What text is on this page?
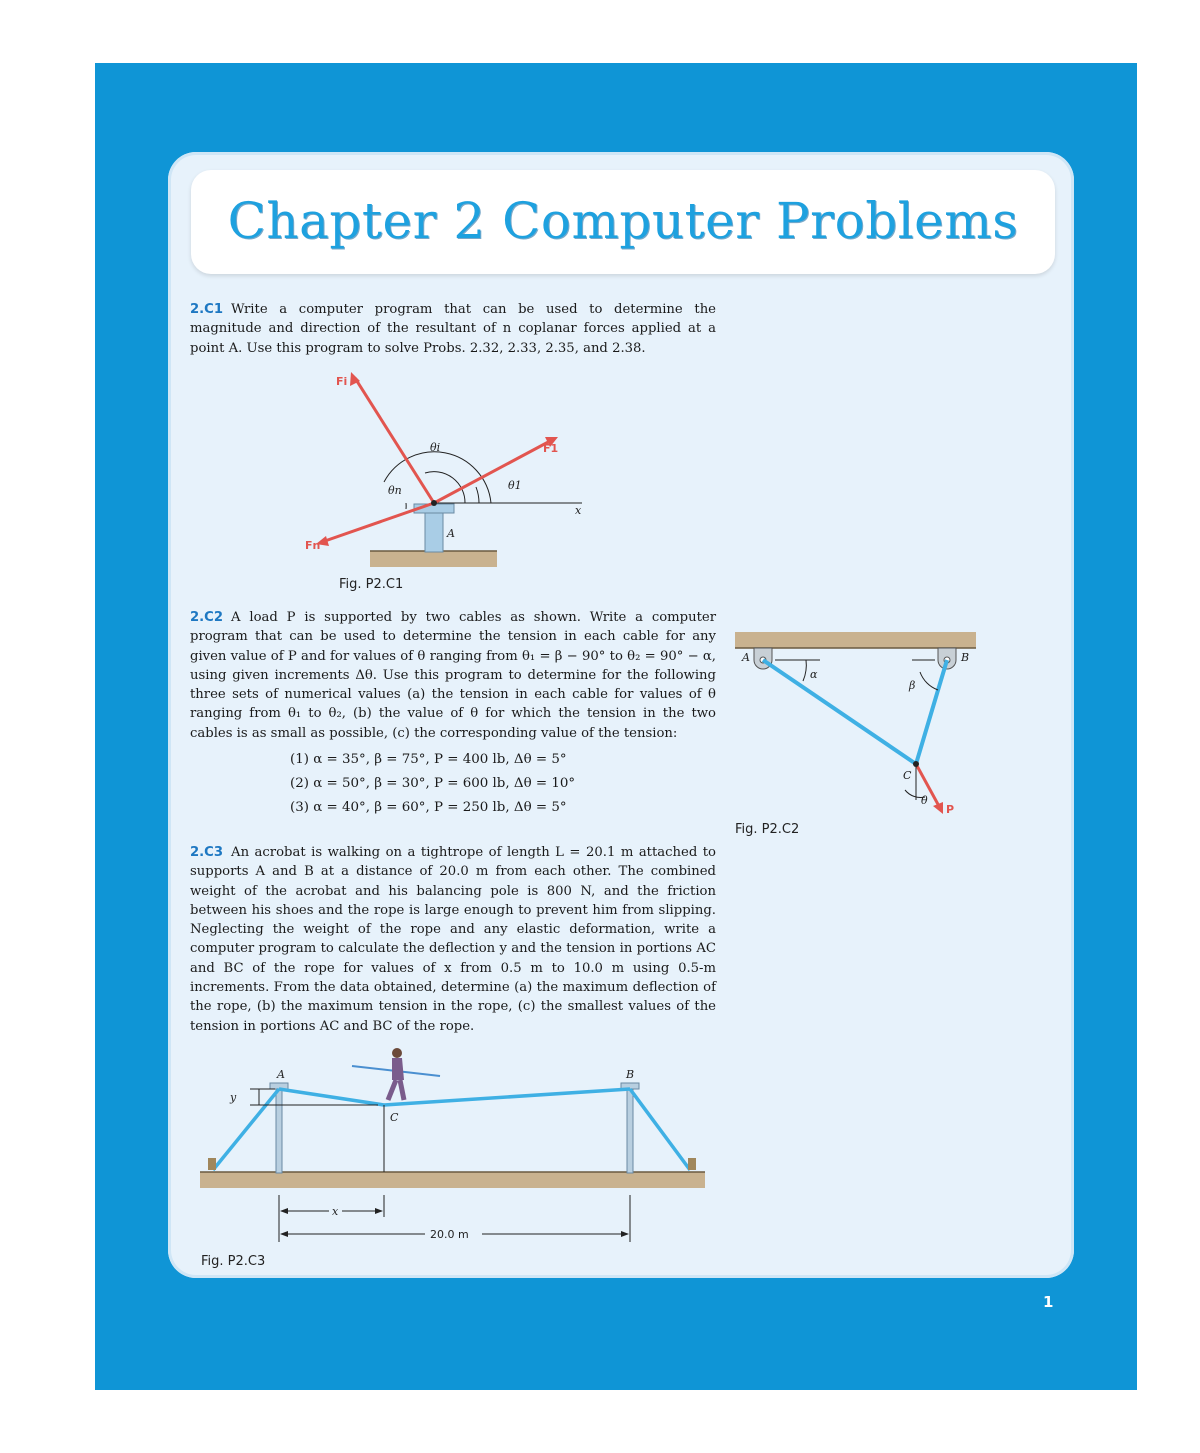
Chapter 2 Computer Problems
2.C1 Write a computer program that can be used to determine the magnitude and direction of the resultant of n coplanar forces applied at a point A. Use this program to solve Probs. 2.32, 2.33, 2.35, and 2.38.
Fi
F1
Fn
θi
θ1
θn
A
x
Fig. P2.C1
2.C2 A load P is supported by two cables as shown. Write a computer program that can be used to determine the tension in each cable for any given value of P and for values of θ ranging from θ₁ = β − 90° to θ₂ = 90° − α, using given increments Δθ. Use this program to determine for the following three sets of numerical values (a) the tension in each cable for values of θ ranging from θ₁ to θ₂, (b) the value of θ for which the tension in the two cables is as small as possible, (c) the corresponding value of the tension:
(1) α = 35°, β = 75°, P = 400 lb, Δθ = 5°
(2) α = 50°, β = 30°, P = 600 lb, Δθ = 10°
(3) α = 40°, β = 60°, P = 250 lb, Δθ = 5°
A	B
α
β
C
θ
P
Fig. P2.C2
2.C3 An acrobat is walking on a tightrope of length L = 20.1 m attached to supports A and B at a distance of 20.0 m from each other. The combined weight of the acrobat and his balancing pole is 800 N, and the friction between his shoes and the rope is large enough to prevent him from slipping. Neglecting the weight of the rope and any elastic deformation, write a computer program to calculate the deflection y and the tension in portions AC and BC of the rope for values of x from 0.5 m to 10.0 m using 0.5-m increments. From the data obtained, determine (a) the maximum deflection of the rope, (b) the maximum tension in the rope, (c) the smallest values of the tension in portions AC and BC of the rope.
A	B
C
y
x
20.0 m
Fig. P2.C3
1
